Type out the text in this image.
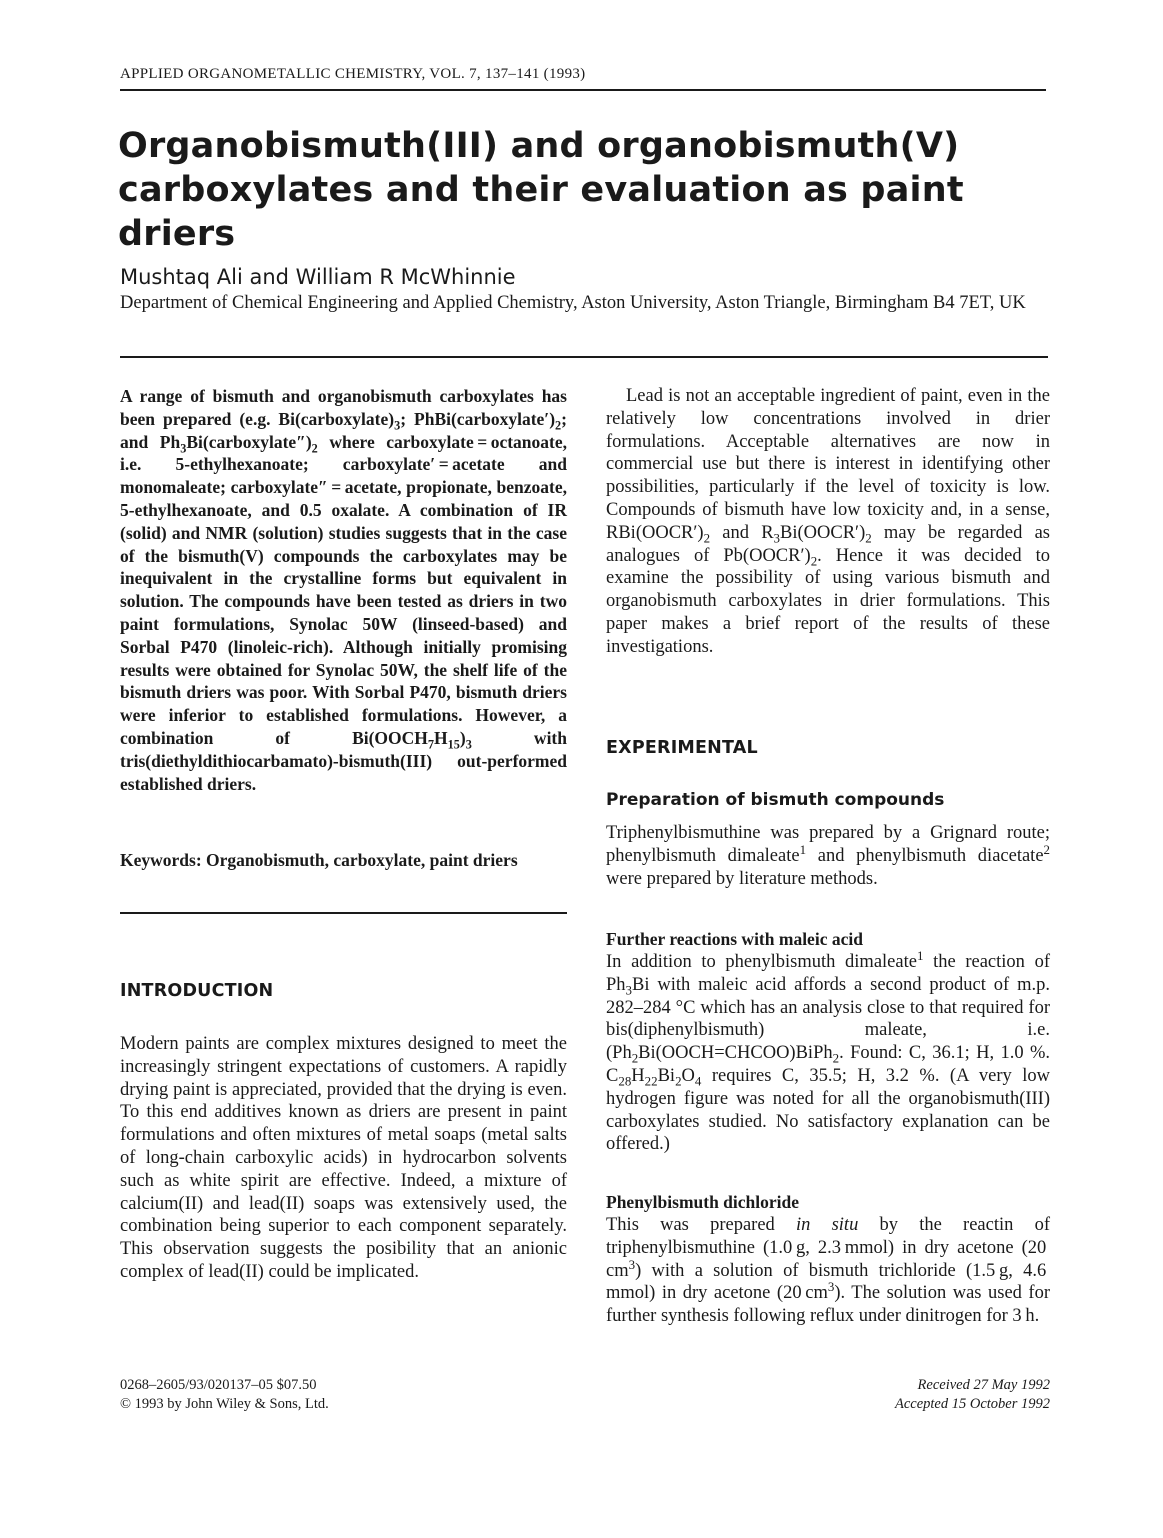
APPLIED ORGANOMETALLIC CHEMISTRY, VOL. 7, 137–141 (1993)
Organobismuth(III) and organobismuth(V) carboxylates and their evaluation as paint driers

Mushtaq Ali and William R McWhinnie

Department of Chemical Engineering and Applied Chemistry, Aston University, Aston Triangle, Birmingham B4 7ET, UK

A range of bismuth and organobismuth carboxylates has been prepared (e.g. $Bi(carboxylate)_3$; $PhBi(carboxylate')_2$; and $Ph_3Bi(carboxylate'')_2$ where carboxylate = octanoate, i.e. 5-ethylhexanoate; carboxylate′ = acetate and monomaleate; carboxylate″ = acetate, propionate, benzoate, 5-ethylhexanoate, and 0.5 oxalate. A combination of IR (solid) and NMR (solution) studies suggests that in the case of the bismuth(V) compounds the carboxylates may be inequivalent in the crystalline forms but equivalent in solution. The compounds have been tested as driers in two paint formulations, Synolac 50W (linseed-based) and Sorbal P470 (linoleic-rich). Although initially promising results were obtained for Synolac 50W, the shelf life of the bismuth driers was poor. With Sorbal P470, bismuth driers were inferior to established formulations. However, a combination of $Bi(OOCH_7H_{15})_3$ with tris(diethyldithiocarbamato)-bismuth(III) out-performed established driers.

Keywords: Organobismuth, carboxylate, paint driers

INTRODUCTION

Modern paints are complex mixtures designed to meet the increasingly stringent expectations of customers. A rapidly drying paint is appreciated, provided that the drying is even. To this end additives known as driers are present in paint formulations and often mixtures of metal soaps (metal salts of long-chain carboxylic acids) in hydrocarbon solvents such as white spirit are effective. Indeed, a mixture of calcium(II) and lead(II) soaps was extensively used, the combination being superior to each component separately. This observation suggests the posibility that an anionic complex of lead(II) could be implicated.

Lead is not an acceptable ingredient of paint, even in the relatively low concentrations involved in drier formulations. Acceptable alternatives are now in commercial use but there is interest in identifying other possibilities, particularly if the level of toxicity is low. Compounds of bismuth have low toxicity and, in a sense, $RBi(OOCR')_2$ and $R_3Bi(OOCR')_2$ may be regarded as analogues of $Pb(OOCR')_2$. Hence it was decided to examine the possibility of using various bismuth and organobismuth carboxylates in drier formulations. This paper makes a brief report of the results of these investigations.

EXPERIMENTAL
Preparation of bismuth compounds

Triphenylbismuthine was prepared by a Grignard route; phenylbismuth dimaleate$^1$ and phenylbismuth diacetate$^2$ were prepared by literature methods.

Further reactions with maleic acid

In addition to phenylbismuth dimaleate$^1$ the reaction of $Ph_3Bi$ with maleic acid affords a second product of m.p. 282–284 °C which has an analysis close to that required for bis(diphenylbismuth) maleate, i.e. ($Ph_2Bi(OOCH=CHCOO)BiPh_2$. Found: C, 36.1; H, 1.0 %. $C_{28}H_{22}Bi_2O_4$ requires C, 35.5; H, 3.2 %. (A very low hydrogen figure was noted for all the organobismuth(III) carboxylates studied. No satisfactory explanation can be offered.)

Phenylbismuth dichloride

This was prepared in situ by the reactin of triphenylbismuthine (1.0 g, 2.3 mmol) in dry acetone (20 $cm^3$) with a solution of bismuth trichloride (1.5 g, 4.6 mmol) in dry acetone (20 $cm^3$). The solution was used for further synthesis following reflux under dinitrogen for 3 h.

0268–2605/93/020137–05 $07.50
© 1993 by John Wiley & Sons, Ltd.
Received 27 May 1992
Accepted 15 October 1992
